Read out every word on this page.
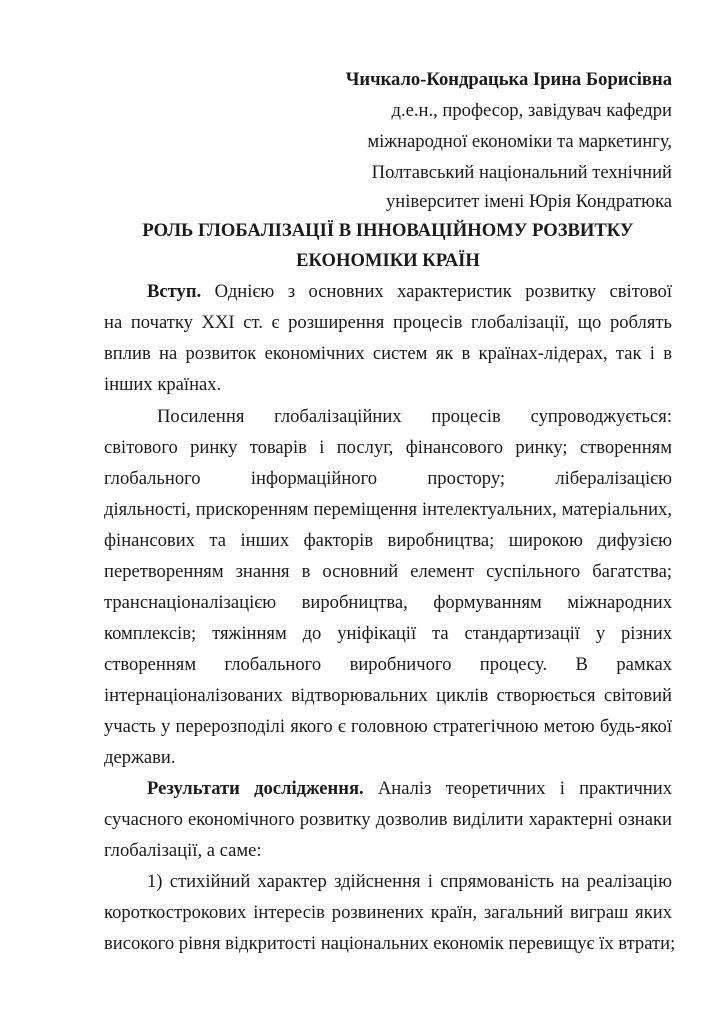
Чичкало-Кондрацька Ірина Борисівна
д.е.н., професор, завідувач кафедри
міжнародної економіки та маркетингу,
Полтавський національний технічний
університет імені Юрія Кондратюка
РОЛЬ ГЛОБАЛІЗАЦІЇ В ІННОВАЦІЙНОМУ РОЗВИТКУ
ЕКОНОМІКИ КРАЇН
Вступ. Однією з основних характеристик розвитку світової
на початку XXI ст. є розширення процесів глобалізації, що роблять
вплив на розвиток економічних систем як в країнах-лідерах, так і в
інших країнах.
Посилення глобалізаційних процесів супроводжується:
світового ринку товарів і послуг, фінансового ринку; створенням
глобального інформаційного простору; лібералізацією
діяльності, прискоренням переміщення інтелектуальних, матеріальних,
фінансових та інших факторів виробництва; широкою дифузією
перетворенням знання в основний елемент суспільного багатства;
транснаціоналізацією виробництва, формуванням міжнародних
комплексів; тяжінням до уніфікації та стандартизації у різних
створенням глобального виробничого процесу. В рамках
інтернаціоналізованих відтворювальних циклів створюється світовий
участь у перерозподілі якого є головною стратегічною метою будь-якої
держави.
Результати дослідження. Аналіз теоретичних і практичних
сучасного економічного розвитку дозволив виділити характерні ознаки
глобалізації, а саме:
1) стихійний характер здійснення і спрямованість на реалізацію
короткострокових інтересів розвинених країн, загальний виграш яких
високого рівня відкритості національних економік перевищує їх втрати;
